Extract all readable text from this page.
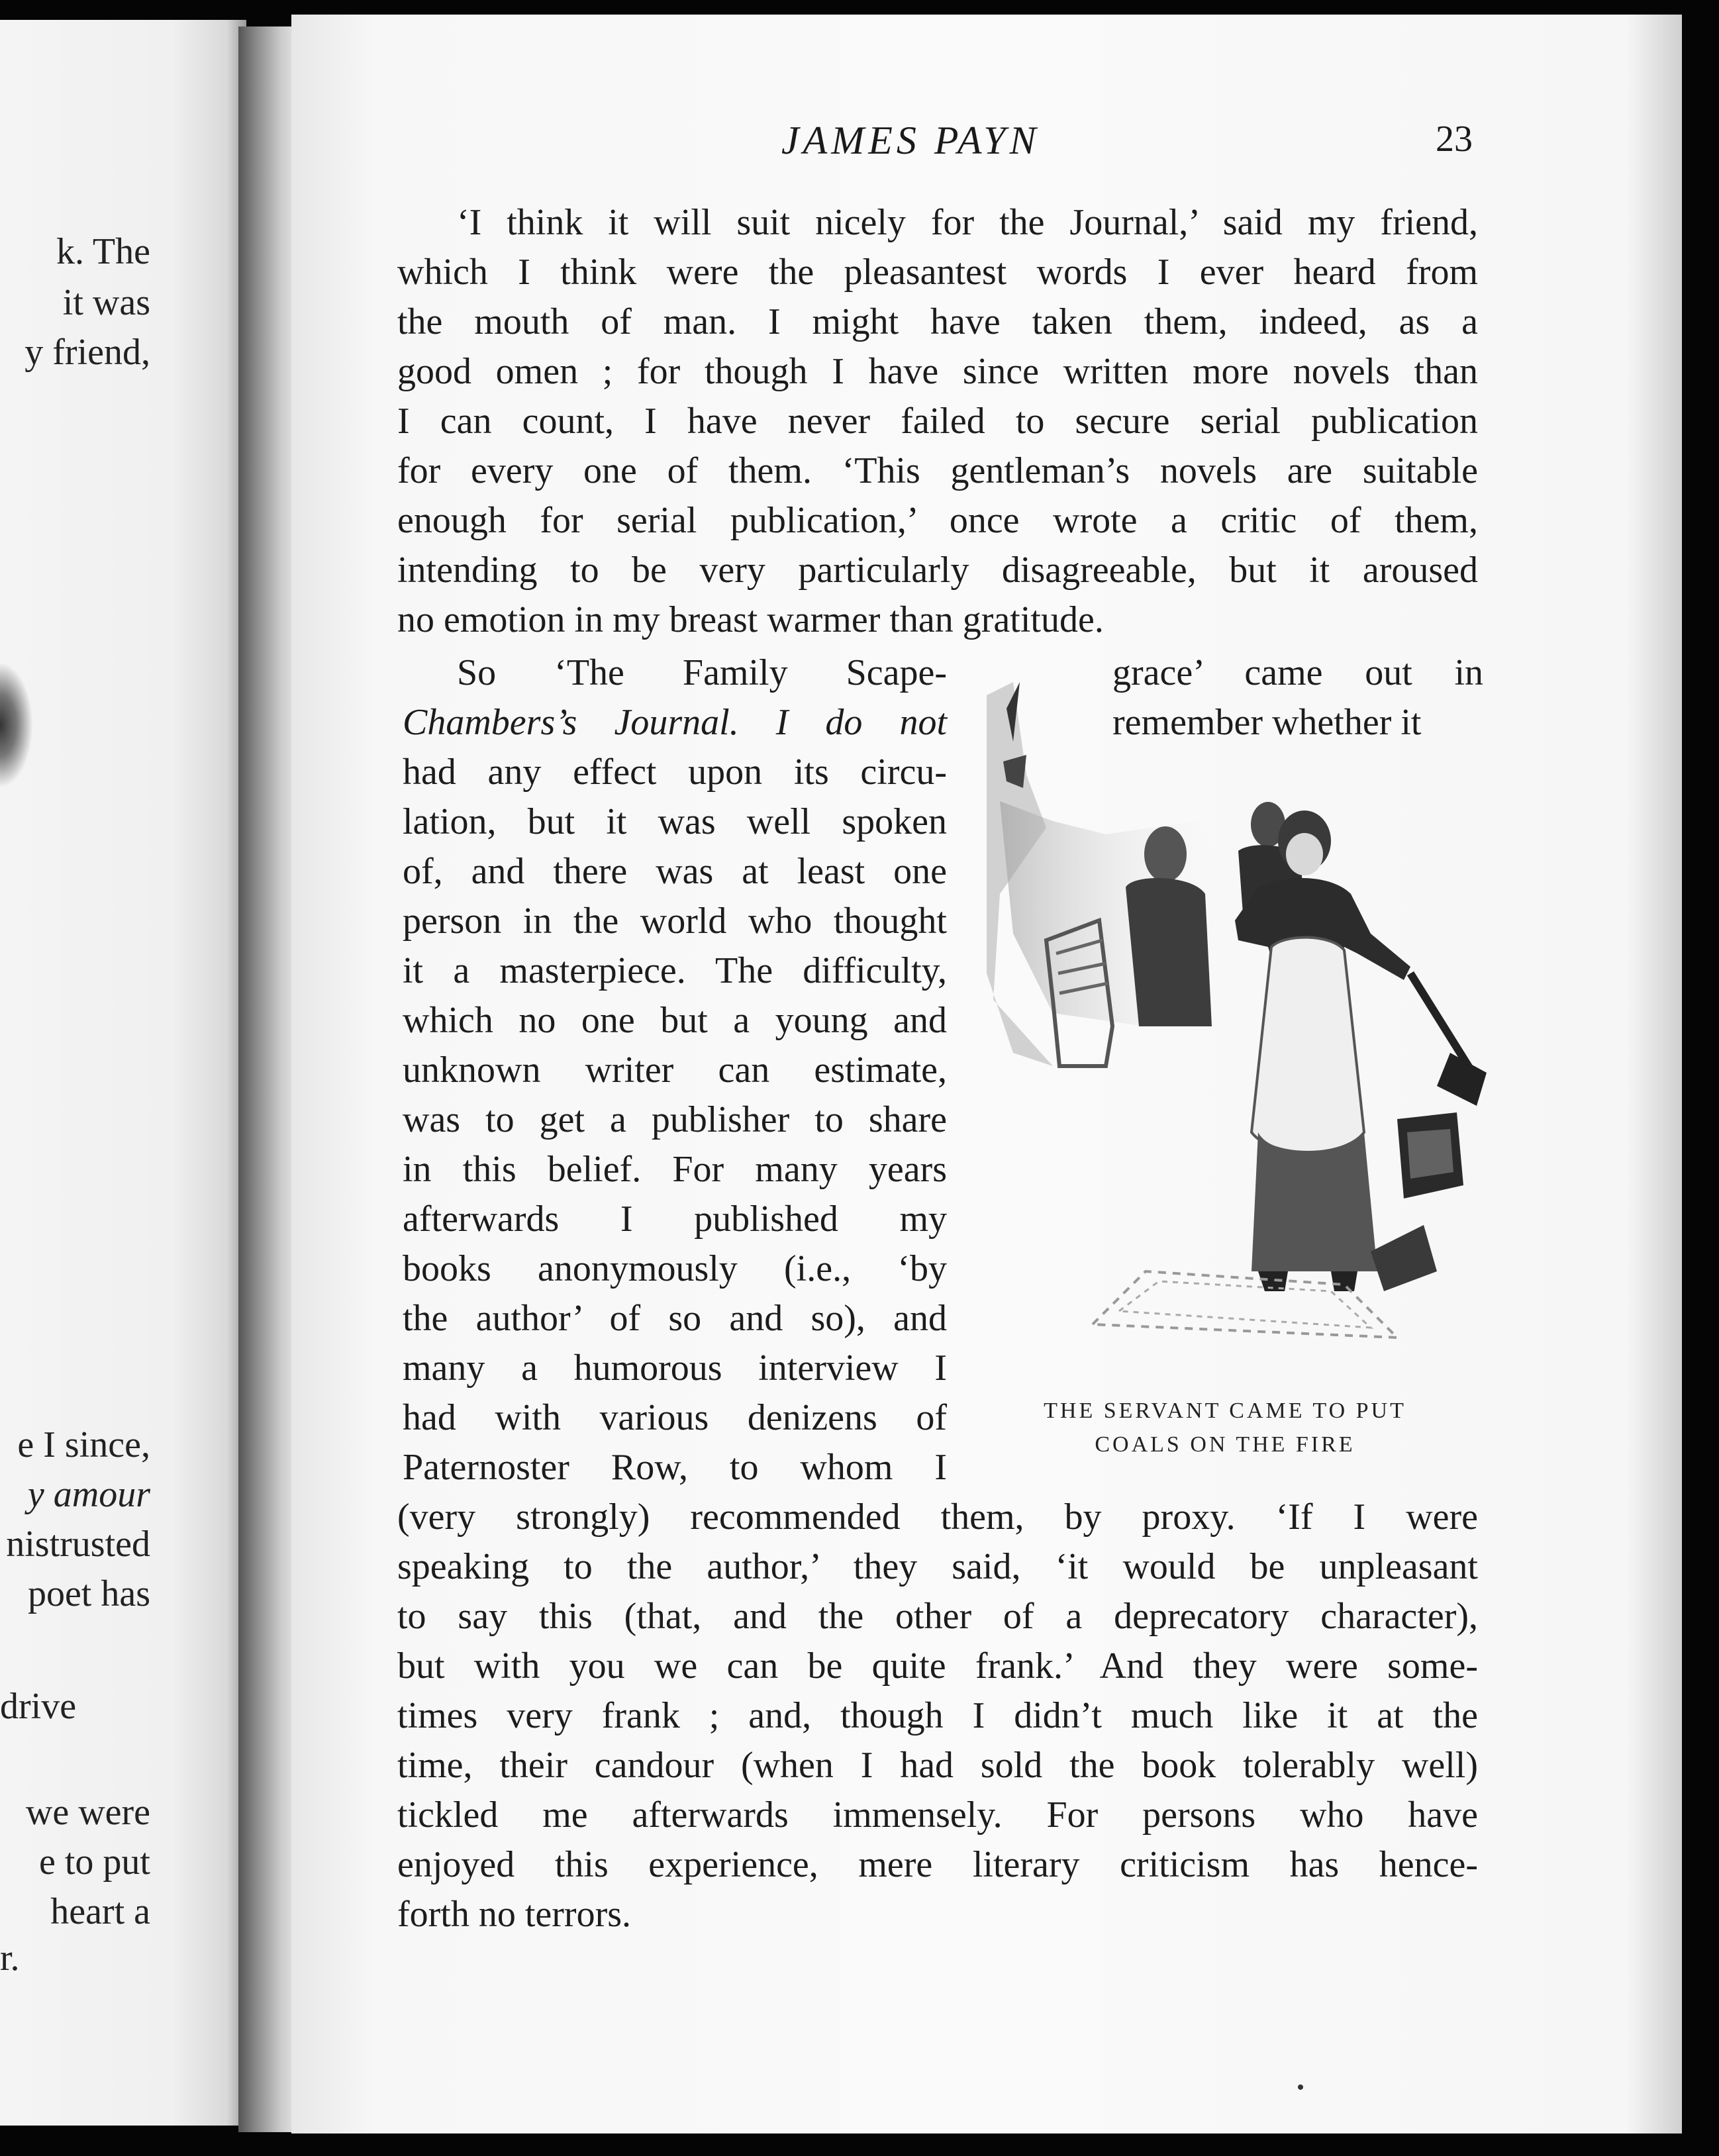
k. The
it was
y friend,
e I since,
y amour
nistrusted
poet has
drive
we were
e to put
heart a
r.
JAMES PAYN	23
‘I think it will suit nicely for the Journal,’ said my friend,
which I think were the pleasantest words I ever heard from
the mouth of man. I might have taken them, indeed, as a
good omen ; for though I have since written more novels than
I can count, I have never failed to secure serial publication
for every one of them. ‘This gentleman’s novels are suitable
enough for serial publication,’ once wrote a critic of them,
intending to be very particularly disagreeable, but it aroused
no emotion in my breast warmer than gratitude.
So ‘The Family Scape-
Chambers’s Journal. I do not
had any effect upon its circu-
lation, but it was well spoken
of, and there was at least one
person in the world who thought
it a masterpiece. The difficulty,
which no one but a young and
unknown writer can estimate,
was to get a publisher to share
in this belief. For many years
afterwards I published my
books anonymously (i.e., ‘by
the author’ of so and so), and
many a humorous interview I
had with various denizens of
Paternoster Row, to whom I
grace’ came out in
remember whether it
THE SERVANT CAME TO PUT
COALS ON THE FIRE
(very strongly) recommended them, by proxy. ‘If I were
speaking to the author,’ they said, ‘it would be unpleasant
to say this (that, and the other of a deprecatory character),
but with you we can be quite frank.’ And they were some-
times very frank ; and, though I didn’t much like it at the
time, their candour (when I had sold the book tolerably well)
tickled me afterwards immensely. For persons who have
enjoyed this experience, mere literary criticism has hence-
forth no terrors.
